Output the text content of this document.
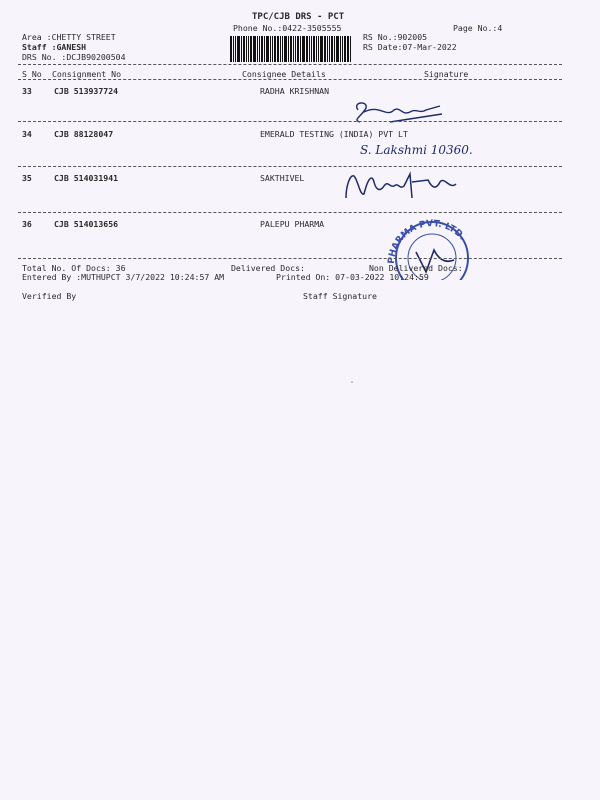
TPC/CJB DRS - PCT
Phone No.:0422-3505555	Page No.:4
Area :CHETTY STREET
Staff :GANESH
DRS No. :DCJB90200504
RS No.:902005
RS Date:07-Mar-2022
S No Consignment No	Consignee Details	Signature
33	CJB 513937724	RADHA KRISHNAN
34	CJB 88128047	EMERALD TESTING (INDIA) PVT LT
S. Lakshmi 10360.
35	CJB 514031941	SAKTHIVEL
36	CJB 514013656	PALEPU PHARMA
PHARMA PVT. LTD.
Total No. Of Docs: 36	Delivered Docs:	Non Delivered Docs:
Entered By :MUTHUPCT 3/7/2022 10:24:57 AM	Printed On: 07-03-2022 10:24:59
Verified By	Staff Signature
